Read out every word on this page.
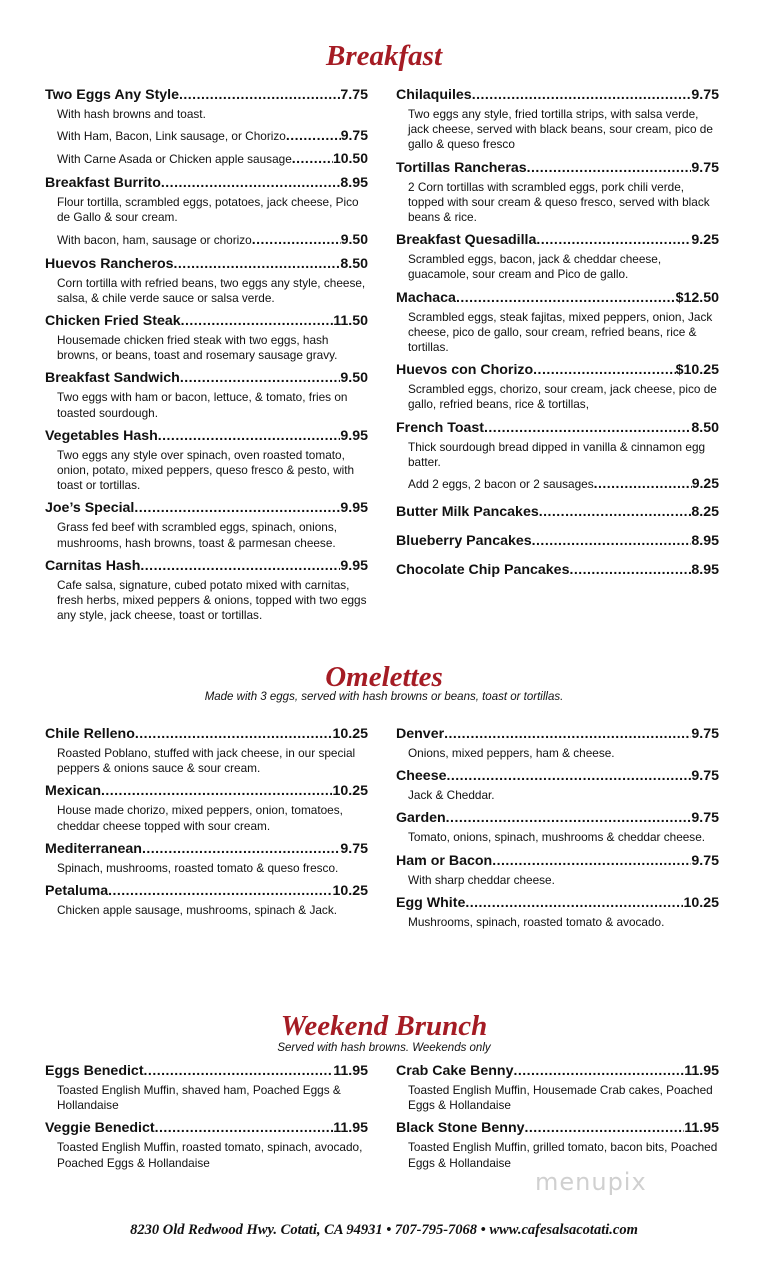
Breakfast
Two Eggs Any Style .....	7.75
With hash browns and toast.
With Ham, Bacon, Link sausage, or Chorizo .....	9.75
With Carne Asada or Chicken apple sausage .....	10.50
Breakfast Burrito .....	8.95
Flour tortilla, scrambled eggs, potatoes, jack cheese, Pico de Gallo & sour cream.
With bacon, ham, sausage or chorizo .....	9.50
Huevos Rancheros .....	8.50
Corn tortilla with refried beans, two eggs any style, cheese, salsa, & chile verde sauce or salsa verde.
Chicken Fried Steak .....	11.50
Housemade chicken fried steak with two eggs, hash browns, or beans, toast and rosemary sausage gravy.
Breakfast Sandwich .....	9.50
Two eggs with ham or bacon, lettuce, & tomato, fries on toasted sourdough.
Vegetables Hash .....	9.95
Two eggs any style over spinach, oven roasted tomato, onion, potato, mixed peppers, queso fresco & pesto, with toast or tortillas.
Joe’s Special .....	9.95
Grass fed beef with scrambled eggs, spinach, onions, mushrooms, hash browns, toast & parmesan cheese.
Carnitas Hash .....	9.95
Cafe salsa, signature, cubed potato mixed with carnitas, fresh herbs, mixed peppers & onions, topped with two eggs any style, jack cheese, toast or tortillas.
Chilaquiles .....	9.75
Two eggs any style, fried tortilla strips, with salsa verde, jack cheese, served with black beans, sour cream, pico de gallo & queso fresco
Tortillas Rancheras .....	9.75
2 Corn tortillas with scrambled eggs, pork chili verde, topped with sour cream & queso fresco, served with black beans & rice.
Breakfast Quesadilla .....	9.25
Scrambled eggs, bacon, jack & cheddar cheese, guacamole, sour cream and Pico de gallo.
Machaca .....	$12.50
Scrambled eggs, steak fajitas, mixed peppers, onion, Jack cheese, pico de gallo, sour cream, refried beans, rice & tortillas.
Huevos con Chorizo .....	$10.25
Scrambled eggs, chorizo, sour cream, jack cheese, pico de gallo, refried beans, rice & tortillas,
French Toast .....	8.50
Thick sourdough bread dipped in vanilla & cinnamon egg batter.
Add 2 eggs, 2 bacon or 2 sausages .....	9.25
Butter Milk Pancakes .....	8.25
Blueberry Pancakes .....	8.95
Chocolate Chip Pancakes .....	8.95
Omelettes
Made with 3 eggs, served with hash browns or beans, toast or tortillas.
Chile Relleno .....	10.25
Roasted Poblano, stuffed with jack cheese, in our special peppers & onions sauce & sour cream.
Mexican .....	10.25
House made chorizo, mixed peppers, onion, tomatoes, cheddar cheese topped with sour cream.
Mediterranean .....	9.75
Spinach, mushrooms, roasted tomato & queso fresco.
Petaluma .....	10.25
Chicken apple sausage, mushrooms, spinach & Jack.
Denver .....	9.75
Onions, mixed peppers, ham & cheese.
Cheese .....	9.75
Jack & Cheddar.
Garden .....	9.75
Tomato, onions, spinach, mushrooms & cheddar cheese.
Ham or Bacon .....	9.75
With sharp cheddar cheese.
Egg White .....	10.25
Mushrooms, spinach, roasted tomato & avocado.
Weekend Brunch
Served with hash browns. Weekends only
Eggs Benedict .....	11.95
Toasted English Muffin, shaved ham, Poached Eggs & Hollandaise
Veggie Benedict .....	11.95
Toasted English Muffin, roasted tomato, spinach, avocado, Poached Eggs & Hollandaise
Crab Cake Benny .....	11.95
Toasted English Muffin, Housemade Crab cakes, Poached Eggs & Hollandaise
Black Stone Benny .....	11.95
Toasted English Muffin, grilled tomato, bacon bits, Poached Eggs & Hollandaise
menupix
8230 Old Redwood Hwy. Cotati, CA 94931 • 707-795-7068 • www.cafesalsacotati.com
